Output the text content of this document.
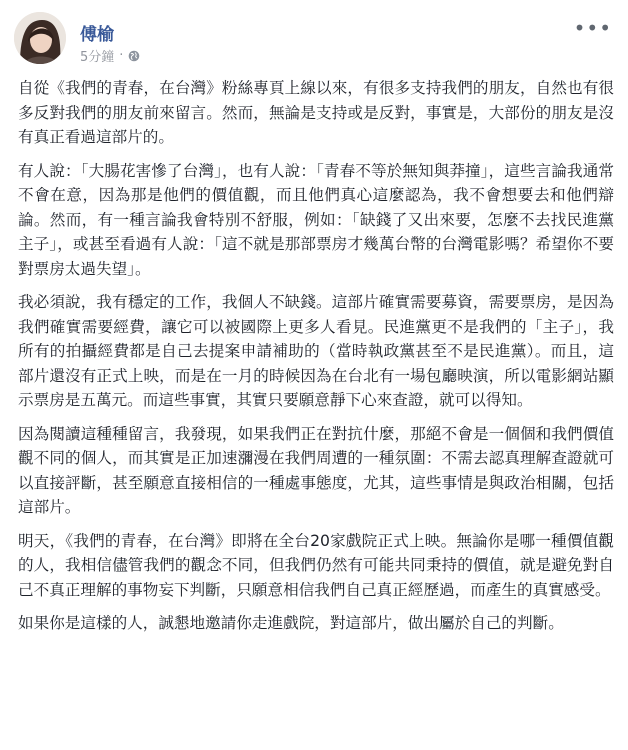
傅榆
5分鐘 ·
•••

自從《我們的青春，在台灣》粉絲專頁上線以來，有很多支持我們的朋友，自然也有很多反對我們的朋友前來留言。然而，無論是支持或是反對，事實是，大部份的朋友是沒有真正看過這部片的。

有人說：「大腸花害慘了台灣」，也有人說：「青春不等於無知與莽撞」，這些言論我通常不會在意，因為那是他們的價值觀，而且他們真心這麼認為，我不會想要去和他們辯論。然而，有一種言論我會特別不舒服，例如：「缺錢了又出來要，怎麼不去找民進黨主子」，或甚至看過有人說：「這不就是那部票房才幾萬台幣的台灣電影嗎？希望你不要對票房太過失望」。

我必須說，我有穩定的工作，我個人不缺錢。這部片確實需要募資，需要票房，是因為我們確實需要經費，讓它可以被國際上更多人看見。民進黨更不是我們的「主子」，我所有的拍攝經費都是自己去提案申請補助的（當時執政黨甚至不是民進黨）。而且，這部片還沒有正式上映，而是在一月的時候因為在台北有一場包廳映演，所以電影網站顯示票房是五萬元。而這些事實，其實只要願意靜下心來查證，就可以得知。

因為閱讀這種種留言，我發現，如果我們正在對抗什麼，那絕不會是一個個和我們價值觀不同的個人，而其實是正加速瀰漫在我們周遭的一種氛圍：不需去認真理解查證就可以直接評斷，甚至願意直接相信的一種處事態度，尤其，這些事情是與政治相關，包括這部片。

明天，《我們的青春，在台灣》即將在全台20家戲院正式上映。無論你是哪一種價值觀的人，我相信儘管我們的觀念不同，但我們仍然有可能共同秉持的價值，就是避免對自己不真正理解的事物妄下判斷，只願意相信我們自己真正經歷過，而產生的真實感受。

如果你是這樣的人，誠懇地邀請你走進戲院，對這部片，做出屬於自己的判斷。
